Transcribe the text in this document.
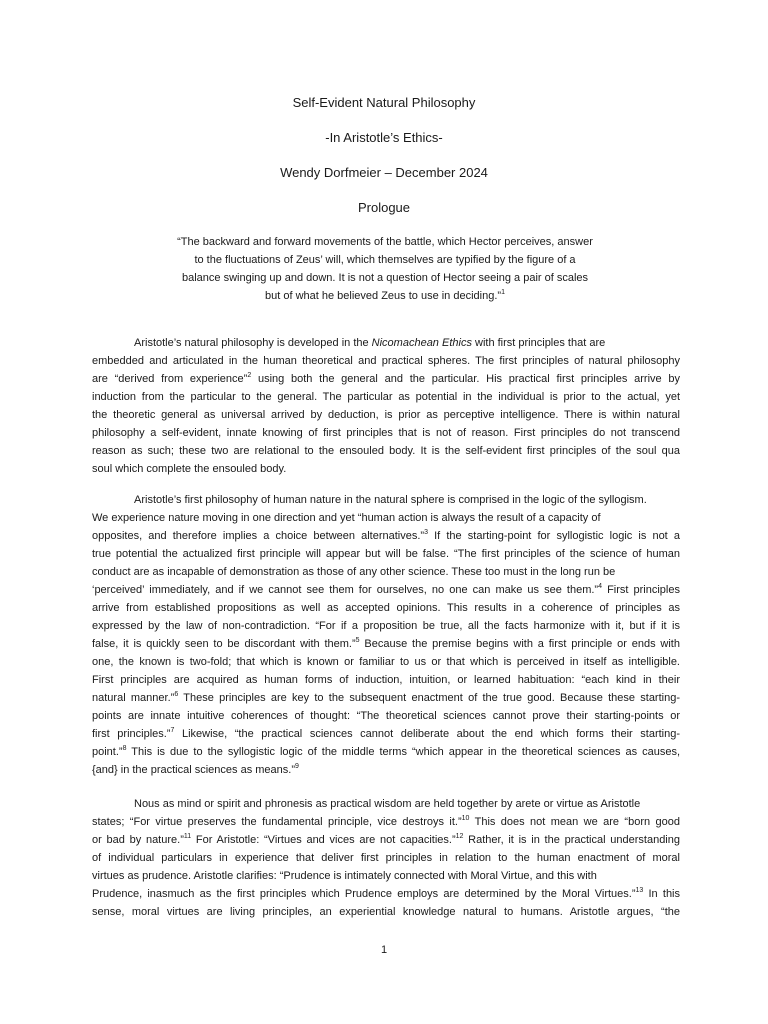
Self-Evident Natural Philosophy
-In Aristotle’s Ethics-
Wendy Dorfmeier – December 2024
Prologue
“The backward and forward movements of the battle, which Hector perceives, answer
to the fluctuations of Zeus’ will, which themselves are typified by the figure of a
balance swinging up and down. It is not a question of Hector seeing a pair of scales
but of what he believed Zeus to use in deciding.”$^1$
Aristotle’s natural philosophy is developed in the Nicomachean Ethics with first principles that are
embedded and articulated in the human theoretical and practical spheres. The first principles of natural philosophy
are “derived from experience”$^2$ using both the general and the particular. His practical first principles arrive by
induction from the particular to the general. The particular as potential in the individual is prior to the actual, yet
the theoretic general as universal arrived by deduction, is prior as perceptive intelligence. There is within natural
philosophy a self-evident, innate knowing of first principles that is not of reason. First principles do not transcend
reason as such; these two are relational to the ensouled body. It is the self-evident first principles of the soul qua
soul which complete the ensouled body.
Aristotle’s first philosophy of human nature in the natural sphere is comprised in the logic of the syllogism.
We experience nature moving in one direction and yet “human action is always the result of a capacity of
opposites, and therefore implies a choice between alternatives.”$^3$ If the starting-point for syllogistic logic is not a
true potential the actualized first principle will appear but will be false. “The first principles of the science of human
conduct are as incapable of demonstration as those of any other science. These too must in the long run be
‘perceived’ immediately, and if we cannot see them for ourselves, no one can make us see them.”$^4$ First principles
arrive from established propositions as well as accepted opinions. This results in a coherence of principles as
expressed by the law of non-contradiction. “For if a proposition be true, all the facts harmonize with it, but if it is
false, it is quickly seen to be discordant with them.”$^5$ Because the premise begins with a first principle or ends with
one, the known is two-fold; that which is known or familiar to us or that which is perceived in itself as intelligible.
First principles are acquired as human forms of induction, intuition, or learned habituation: “each kind in their
natural manner.”$^6$ These principles are key to the subsequent enactment of the true good. Because these starting-
points are innate intuitive coherences of thought: “The theoretical sciences cannot prove their starting-points or
first principles.”$^7$ Likewise, “the practical sciences cannot deliberate about the end which forms their starting-
point.”$^8$ This is due to the syllogistic logic of the middle terms “which appear in the theoretical sciences as causes,
{and} in the practical sciences as means.”$^9$
Nous as mind or spirit and phronesis as practical wisdom are held together by arete or virtue as Aristotle
states; “For virtue preserves the fundamental principle, vice destroys it.”$^{10}$ This does not mean we are “born good
or bad by nature.”$^{11}$ For Aristotle: “Virtues and vices are not capacities.”$^{12}$ Rather, it is in the practical understanding
of individual particulars in experience that deliver first principles in relation to the human enactment of moral
virtues as prudence. Aristotle clarifies: “Prudence is intimately connected with Moral Virtue, and this with
Prudence, inasmuch as the first principles which Prudence employs are determined by the Moral Virtues.”$^{13}$ In this
sense, moral virtues are living principles, an experiential knowledge natural to humans. Aristotle argues, “the
1
